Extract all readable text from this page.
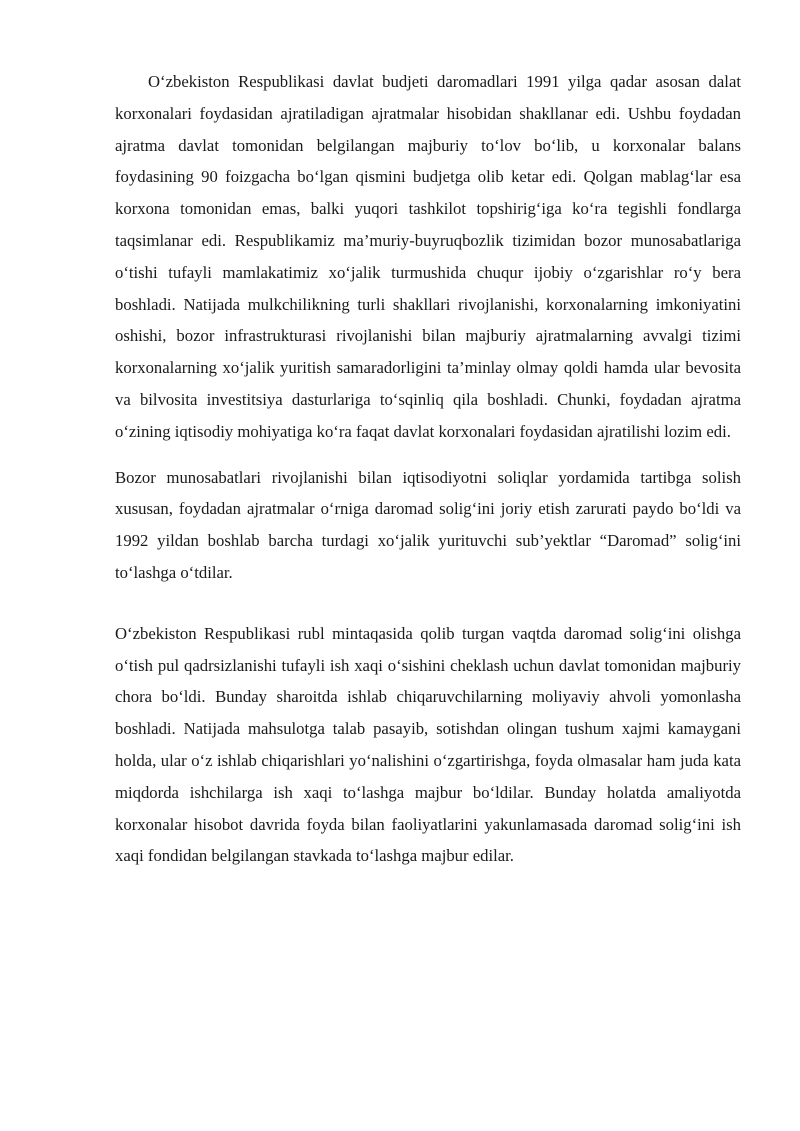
O‘zbekiston Respublikasi davlat budjeti daromadlari 1991 yilga qadar asosan dalat korxonalari foydasidan ajratiladigan ajratmalar hisobidan shakllanar edi. Ushbu foydadan ajratma davlat tomonidan belgilangan majburiy to‘lov bo‘lib, u korxonalar balans foydasining 90 foizgacha bo‘lgan qismini budjetga olib ketar edi. Qolgan mablag‘lar esa korxona tomonidan emas, balki yuqori tashkilot topshirig‘iga ko‘ra tegishli fondlarga taqsimlanar edi. Respublikamiz ma’muriy-buyruqbozlik tizimidan bozor munosabatlariga o‘tishi tufayli mamlakatimiz xo‘jalik turmushida chuqur ijobiy o‘zgarishlar ro‘y bera boshladi. Natijada mulkchilikning turli shakllari rivojlanishi, korxonalarning imkoniyatini oshishi, bozor infrastrukturasi rivojlanishi bilan majburiy ajratmalarning avvalgi tizimi korxonalarning xo‘jalik yuritish samaradorligini ta’minlay olmay qoldi hamda ular bevosita va bilvosita investitsiya dasturlariga to‘sqinliq qila boshladi. Chunki, foydadan ajratma o‘zining iqtisodiy mohiyatiga ko‘ra faqat davlat korxonalari foydasidan ajratilishi lozim edi.

Bozor munosabatlari rivojlanishi bilan iqtisodiyotni soliqlar yordamida tartibga solish xususan, foydadan ajratmalar o‘rniga daromad solig‘ini joriy etish zarurati paydo bo‘ldi va 1992 yildan boshlab barcha turdagi xo‘jalik yurituvchi sub’yektlar “Daromad” solig‘ini to‘lashga o‘tdilar.

O‘zbekiston Respublikasi rubl mintaqasida qolib turgan vaqtda daromad solig‘ini olishga o‘tish pul qadrsizlanishi tufayli ish xaqi o‘sishini cheklash uchun davlat tomonidan majburiy chora bo‘ldi. Bunday sharoitda ishlab chiqaruvchilarning moliyaviy ahvoli yomonlasha boshladi. Natijada mahsulotga talab pasayib, sotishdan olingan tushum xajmi kamaygani holda, ular o‘z ishlab chiqarishlari yo‘nalishini o‘zgartirishga, foyda olmasalar ham juda kata miqdorda ishchilarga ish xaqi to‘lashga majbur bo‘ldilar. Bunday holatda amaliyotda korxonalar hisobot davrida foyda bilan faoliyatlarini yakunlamasada daromad solig‘ini ish xaqi fondidan belgilangan stavkada to‘lashga majbur edilar.
